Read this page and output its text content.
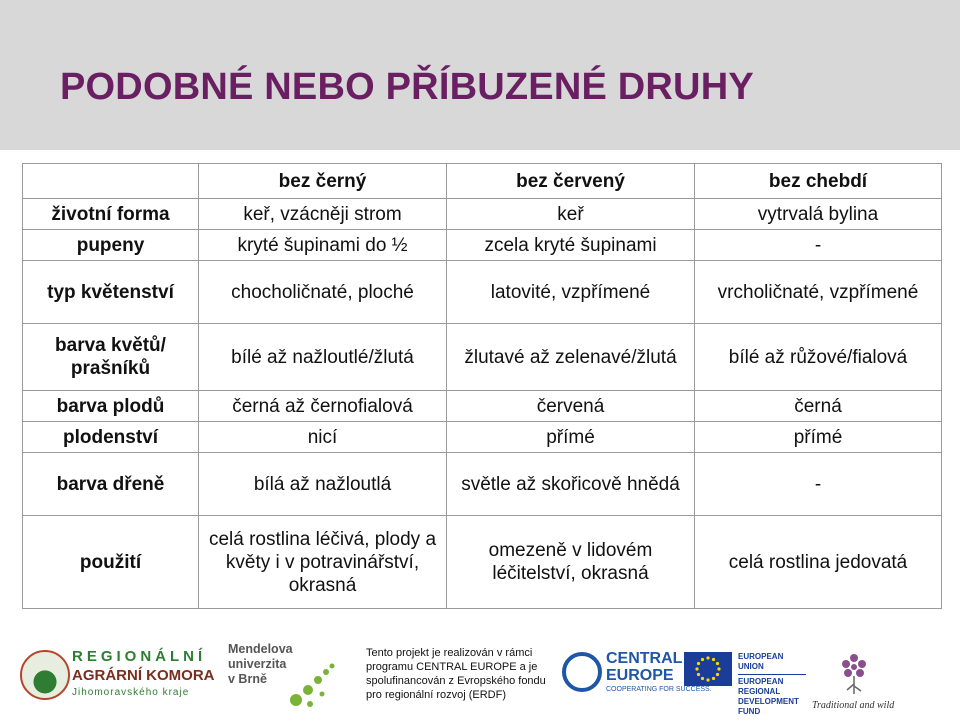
PODOBNÉ NEBO PŘÍBUZENÉ DRUHY
	bez černý	bez červený	bez chebdí
životní forma	keř, vzácněji strom	keř	vytrvalá bylina
pupeny	kryté šupinami do ½	zcela kryté šupinami	-
typ květenství	chocholičnaté, ploché	latovité, vzpřímené	vrcholičnaté, vzpřímené
barva květů/ prašníků	bílé až nažloutlé/žlutá	žlutavé až zelenavé/žlutá	bílé až růžové/fialová
barva plodů	černá až černofialová	červená	černá
plodenství	nicí	přímé	přímé
barva dřeně	bílá až nažloutlá	světle až skořicově hnědá	-
použití	celá rostlina léčivá, plody a květy i v potravinářství, okrasná	omezeně v lidovém léčitelství, okrasná	celá rostlina jedovatá
REGIONÁLNÍ
AGRÁRNÍ KOMORA
Jihomoravského kraje
Mendelova
univerzita
v Brně
Tento projekt je realizován v rámci programu CENTRAL EUROPE a je spolufinancován z Evropského fondu pro regionální rozvoj (ERDF)
CENTRAL
EUROPE
COOPERATING FOR SUCCESS.
EUROPEAN UNION
EUROPEAN REGIONAL DEVELOPMENT FUND
Traditional and wild
